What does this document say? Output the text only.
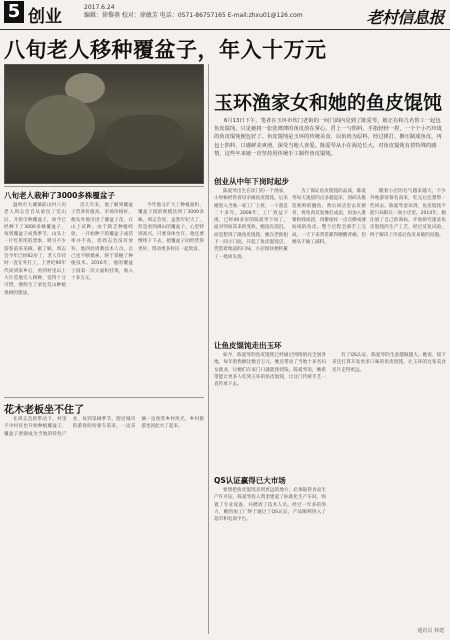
5 创业	2017.6.24
编辑：徐黎燕 校对：徐敏芳 电话：0571-86757165 E-mail:zhxu01@126.com	老村信息报
八旬老人移种覆盆子，年入十万元
玉环渔家女和她的鱼皮馄饨
6月13日下午，笔者在玉环市坎门老街的一间门面内见到了陈爱琴，她正在和几名帮工一起包鱼皮馄饨。只见她将一张张薄薄的鱼皮放在掌心，舀上一勺馅料，手指轻轻一捏，一个个小巧玲珑的鱼皮馄饨便包好了。鱼皮馄饨是玉环的传统美食，以鱼肉为原料，经过捶打、擀压制成鱼皮，再包上馅料，口感鲜美爽滑，深受当地人喜爱。陈爱琴从小在海边长大，对鱼皮馄饨有着特殊的感情，这些年来她一直坚持用传统手工制作鱼皮馄饨。
八旬老人栽种了3000多株覆盆子

温岭市大溪镇前山村八旬老人周志会自从承包了荒山后，开始引种覆盆子，如今已经种下了3000多株覆盆子，每到覆盆子成熟季节，山头上一片红彤彤的景象，吸引不少游客前来采摘。据了解，周志会今年已经82岁了，老人年轻时一直在外打工，上世纪90年代回到家乡后，看到村里山上大片荒地无人耕种，觉得十分可惜，便萌生了承包荒山种植果树的想法。

近几年来，他了解到覆盆子营养价值高、市场价格好，便从外地引进了覆盆子苗，在山上试种。由于缺乏种植经验，一开始种下的覆盆子成活率并不高，但周志会没有放弃，他四处请教技术人员，自己也不断摸索，终于掌握了种植技术。2016年，他的覆盆子园第一次大面积挂果，收入十多万元。

今年他又扩大了种植面积，覆盆子园的规模达到了3000多株。周志会说，虽然年纪大了，但是看到满山的覆盆子，心里特别高兴，只要身体允许，他还要继续干下去，把覆盆子园经营得更好，带动更多村民一起致富。

花木老板坐不住了

在周志会的带动下，村里不少村民也开始种植覆盆子，覆盆子逐渐成为当地的特色产业。每到采摘季节，附近城市的游客纷纷驱车前来，一边采摘一边欣赏乡村风光，乡村旅游也因此火了起来。

创业从中年下岗时起步

陈爱琴出生在坎门的一个渔家，小时候经常看母亲做鱼皮馄饨。后来她进入当地一家工厂上班，一干就是二十多年。2008年，工厂效益下滑，已经40多岁的陈爱琴下岗了。面对突如其来的变故，她没有消沉，而是想到了做鱼皮馄饨。她在老街租下一间小门面，开起了鱼皮馄饨店，凭借着地道的口味，小店很快便积累了一批回头客。

为了保证鱼皮馄饨的品质，陈爱琴每天凌晨四点多就起床，到码头挑选新鲜的鮸鱼，然后回店里去皮剔骨，将鱼肉反复捶打成泥，再加入番薯粉揉成团，用擀面杖一点点擀成薄如纸的鱼皮。整个过程全部手工完成，一天下来常常累得腰酸背痛，但她从不偷工减料。

随着小店的名气越来越大，不少外地游客慕名而来，吃完后还想带一些回去。陈爱琴意识到，鱼皮馄饨不能只局限在一间小店里。2014年，她注册了自己的商标，开始研究速冻鱼皮馄饨的生产工艺，经过反复试验，终于解决了冷冻后鱼皮易破的问题。

让鱼皮馄饨走出玉环

如今，陈爱琴的鱼皮馄饨已经通过网络销往全国各地，每年销售额达数百万元。她还带动了当地十多名妇女就业，让她们在家门口就能挣到钱。陈爱琴说，她希望能让更多人吃到玉环的鱼皮馄饨，让这门传统手艺一直传承下去。

QS认证赢得已大市场

要想把鱼皮馄饨卖到更远的地方，必须取得食品生产许可证。陈爱琴投入资金建起了标准化生产车间，购置了专业设备，并聘请了技术人员。经过一年多的努力，她的加工厂终于通过了QS认证，产品顺利进入了超市和电商平台。

有了QS认证，陈爱琴的生意越做越大。她说，接下来还打算开发更多口味的鱼皮馄饨，让玉环的这张美食名片走得更远。

通讯员 林建
